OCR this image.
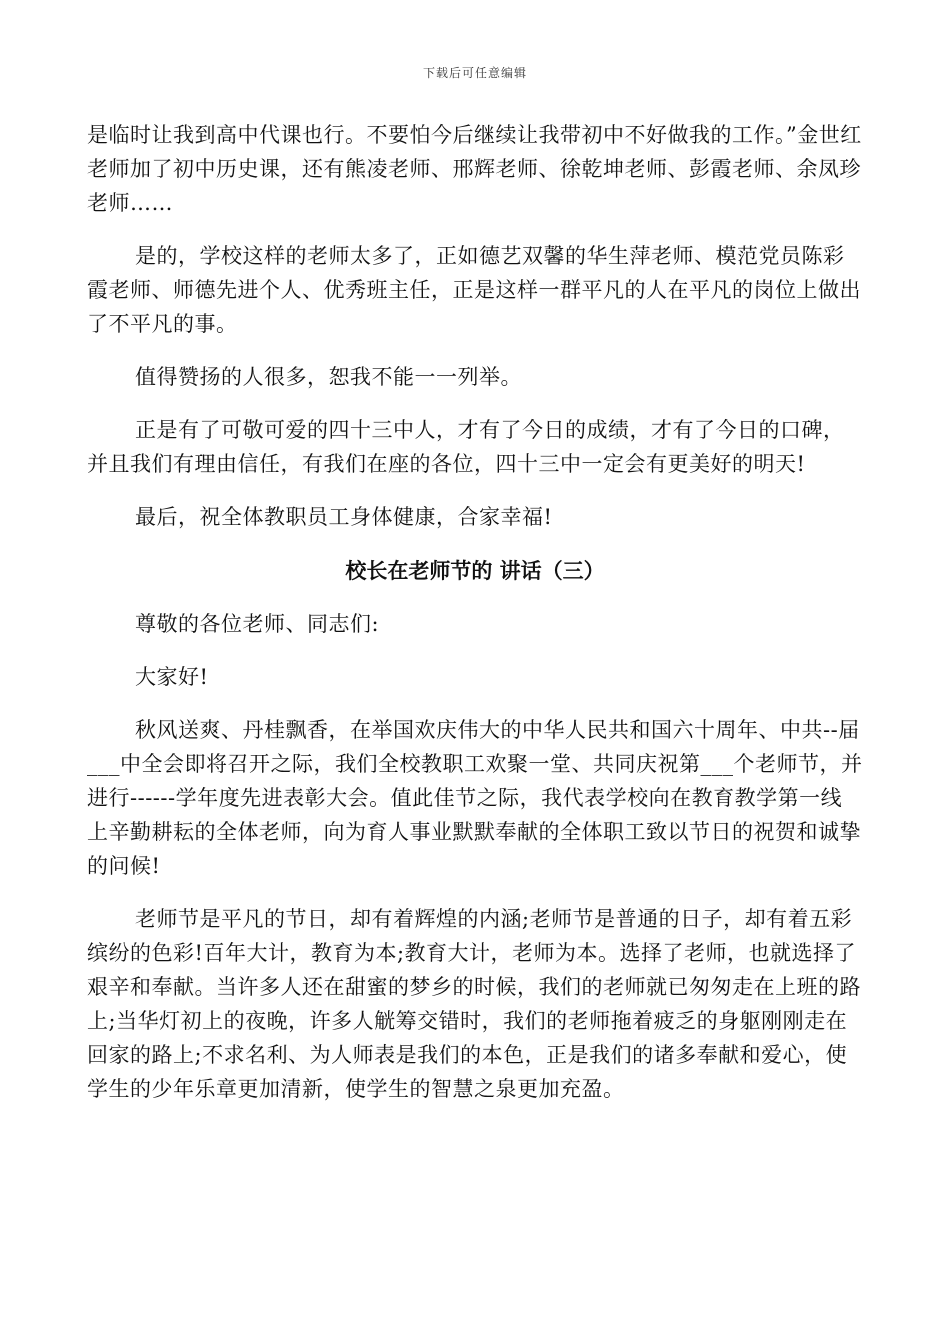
下载后可任意编辑

是临时让我到高中代课也行。不要怕今后继续让我带初中不好做我的工作。”金世红老师加了初中历史课，还有熊凌老师、邢辉老师、徐乾坤老师、彭霞老师、余凤珍老师……

是的，学校这样的老师太多了，正如德艺双馨的华生萍老师、模范党员陈彩霞老师、师德先进个人、优秀班主任，正是这样一群平凡的人在平凡的岗位上做出了不平凡的事。

值得赞扬的人很多，恕我不能一一列举。

正是有了可敬可爱的四十三中人，才有了今日的成绩，才有了今日的口碑，并且我们有理由信任，有我们在座的各位，四十三中一定会有更美好的明天!

最后，祝全体教职员工身体健康，合家幸福!

校长在老师节的 讲话（三）

尊敬的各位老师、同志们:

大家好!

秋风送爽、丹桂飘香，在举国欢庆伟大的中华人民共和国六十周年、中共--届___中全会即将召开之际，我们全校教职工欢聚一堂、共同庆祝第___个老师节，并进行------学年度先进表彰大会。值此佳节之际，我代表学校向在教育教学第一线上辛勤耕耘的全体老师，向为育人事业默默奉献的全体职工致以节日的祝贺和诚挚的问候!

老师节是平凡的节日，却有着辉煌的内涵;老师节是普通的日子，却有着五彩缤纷的色彩!百年大计，教育为本;教育大计，老师为本。选择了老师，也就选择了艰辛和奉献。当许多人还在甜蜜的梦乡的时候，我们的老师就已匆匆走在上班的路上;当华灯初上的夜晚，许多人觥筹交错时，我们的老师拖着疲乏的身躯刚刚走在回家的路上;不求名利、为人师表是我们的本色，正是我们的诸多奉献和爱心，使学生的少年乐章更加清新，使学生的智慧之泉更加充盈。
